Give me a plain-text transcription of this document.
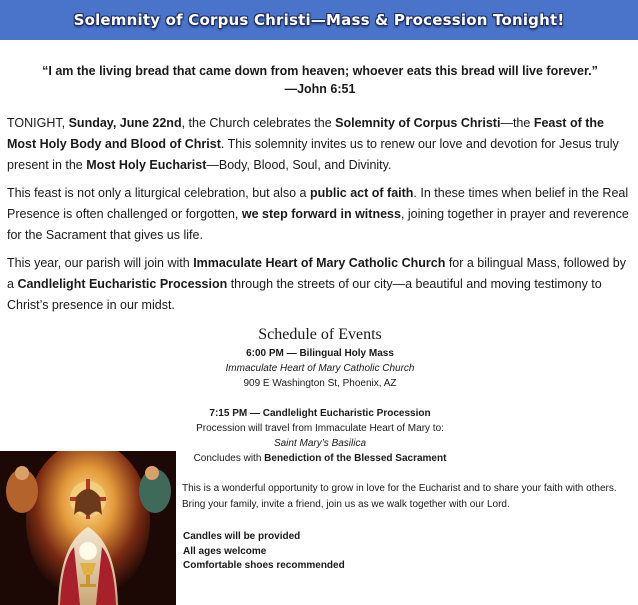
Solemnity of Corpus Christi—Mass & Procession Tonight!
“I am the living bread that came down from heaven; whoever eats this bread will live forever.” —John 6:51

TONIGHT, Sunday, June 22nd, the Church celebrates the Solemnity of Corpus Christi—the Feast of the Most Holy Body and Blood of Christ. This solemnity invites us to renew our love and devotion for Jesus truly present in the Most Holy Eucharist—Body, Blood, Soul, and Divinity.

This feast is not only a liturgical celebration, but also a public act of faith. In these times when belief in the Real Presence is often challenged or forgotten, we step forward in witness, joining together in prayer and reverence for the Sacrament that gives us life.

This year, our parish will join with Immaculate Heart of Mary Catholic Church for a bilingual Mass, followed by a Candlelight Eucharistic Procession through the streets of our city—a beautiful and moving testimony to Christ’s presence in our midst.

Schedule of Events
6:00 PM — Bilingual Holy Mass
Immaculate Heart of Mary Catholic Church
909 E Washington St, Phoenix, AZ
7:15 PM — Candlelight Eucharistic Procession
Procession will travel from Immaculate Heart of Mary to:
Saint Mary’s Basilica
Concludes with Benediction of the Blessed Sacrament
This is a wonderful opportunity to grow in love for the Eucharist and to share your faith with others. Bring your family, invite a friend, join us as we walk together with our Lord.
Candles will be provided
All ages welcome
Comfortable shoes recommended
